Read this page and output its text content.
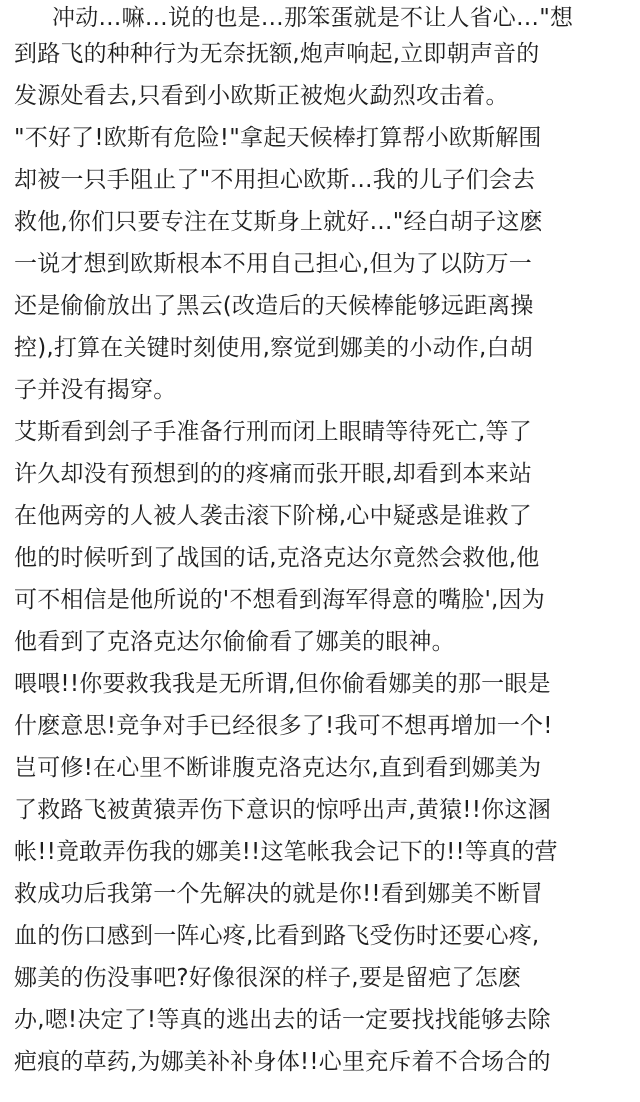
冲动…嘛…说的也是…那笨蛋就是不让人省心…"想
到路飞的种种行为无奈抚额,炮声响起,立即朝声音的
发源处看去,只看到小欧斯正被炮火勐烈攻击着。
"不好了!欧斯有危险!"拿起天候棒打算帮小欧斯解围
却被一只手阻止了"不用担心欧斯…我的儿子们会去
救他,你们只要专注在艾斯身上就好…"经白胡子这麽
一说才想到欧斯根本不用自己担心,但为了以防万一
还是偷偷放出了黑云(改造后的天候棒能够远距离操
控),打算在关键时刻使用,察觉到娜美的小动作,白胡
子并没有揭穿。
艾斯看到刽子手准备行刑而闭上眼睛等待死亡,等了
许久却没有预想到的的疼痛而张开眼,却看到本来站
在他两旁的人被人袭击滚下阶梯,心中疑惑是谁救了
他的时候听到了战国的话,克洛克达尔竟然会救他,他
可不相信是他所说的'不想看到海军得意的嘴脸',因为
他看到了克洛克达尔偷偷看了娜美的眼神。
喂喂!!你要救我我是无所谓,但你偷看娜美的那一眼是
什麽意思!竞争对手已经很多了!我可不想再增加一个!
岂可修!在心里不断诽腹克洛克达尔,直到看到娜美为
了救路飞被黄猿弄伤下意识的惊呼出声,黄猿!!你这溷
帐!!竟敢弄伤我的娜美!!这笔帐我会记下的!!等真的营
救成功后我第一个先解决的就是你!!看到娜美不断冒
血的伤口感到一阵心疼,比看到路飞受伤时还要心疼,
娜美的伤没事吧?好像很深的样子,要是留疤了怎麽
办,嗯!决定了!等真的逃出去的话一定要找找能够去除
疤痕的草药,为娜美补补身体!!心里充斥着不合场合的
